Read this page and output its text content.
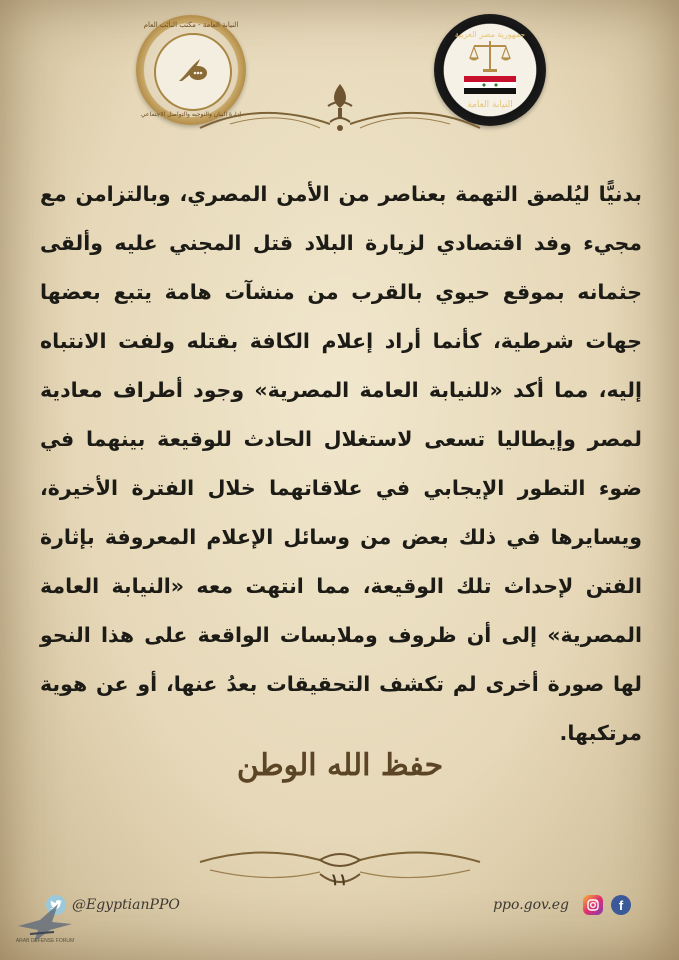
النيابة العامة - مكتب النائب العام
إدارة البيان والتوجيه والتواصل الاجتماعي
جمهورية مصر العربية
النيابة العامة
بدنيًّا ليُلصق التهمة بعناصر من الأمن المصري، وبالتزامن مع مجيء وفد اقتصادي لزيارة البلاد قتل المجني عليه وألقى جثمانه بموقع حيوي بالقرب من منشآت هامة يتبع بعضها جهات شرطية، كأنما أراد إعلام الكافة بقتله ولفت الانتباه إليه، مما أكد «للنيابة العامة المصرية» وجود أطراف معادية لمصر وإيطاليا تسعى لاستغلال الحادث للوقيعة بينهما في ضوء التطور الإيجابي في علاقاتهما خلال الفترة الأخيرة، ويسايرها في ذلك بعض من وسائل الإعلام المعروفة بإثارة الفتن لإحداث تلك الوقيعة، مما انتهت معه «النيابة العامة المصرية» إلى أن ظروف وملابسات الواقعة على هذا النحو لها صورة أخرى لم تكشف التحقيقات بعدُ عنها، أو عن هوية مرتكبها.
حفظ الله الوطن
١١
@EgyptianPPO	ppo.gov.eg	f
ARAB DEFENSE FORUM
